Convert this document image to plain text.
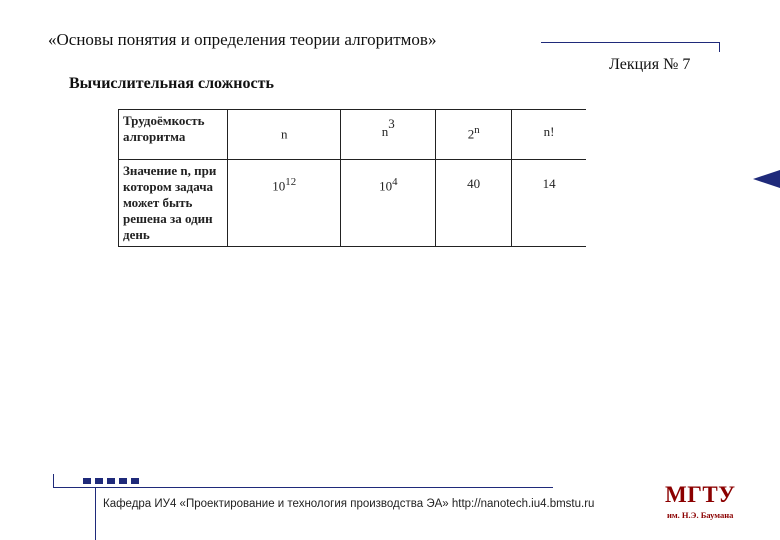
«Основы понятия и определения теории алгоритмов»
Лекция № 7
Вычислительная сложность
Трудоёмкость алгоритма	n	n3	2$^n$	n!
Значение n, при котором задача может быть решена за один день	$10^{12}$	$10^4$	40	14
Кафедра ИУ4 «Проектирование и технология производства ЭА» http://nanotech.iu4.bmstu.ru	МГТУ
им. Н.Э. Баумана
